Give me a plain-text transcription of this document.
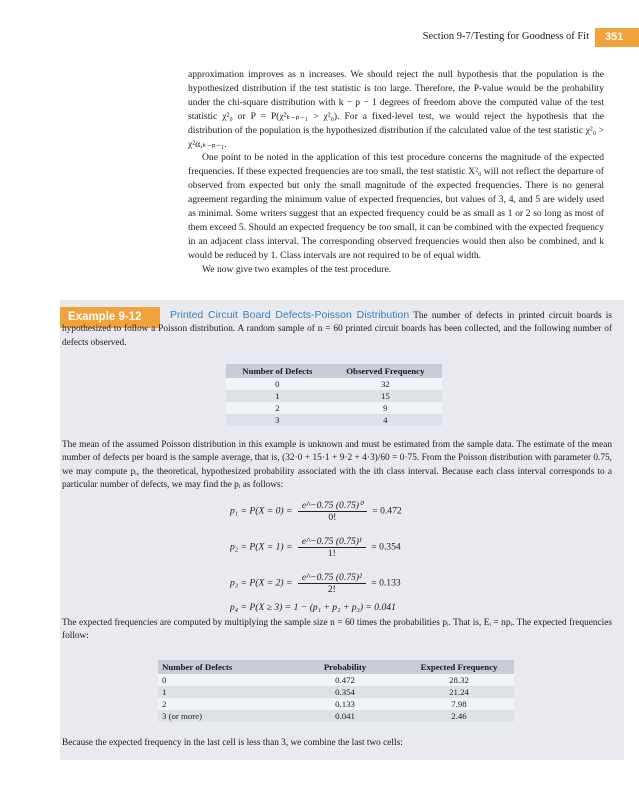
Section 9-7/Testing for Goodness of Fit	351

approximation improves as n increases. We should reject the null hypothesis that the population is the hypothesized distribution if the test statistic is too large. Therefore, the P-value would be the probability under the chi-square distribution with k − p − 1 degrees of freedom above the computed value of the test statistic χ²₀ or P = P(χ²ₖ₋ₚ₋₁ > χ²₀). For a fixed-level test, we would reject the hypothesis that the distribution of the population is the hypothesized distribution if the calculated value of the test statistic χ²₀ > χ²α,ₖ₋ₚ₋₁.

One point to be noted in the application of this test procedure concerns the magnitude of the expected frequencies. If these expected frequencies are too small, the test statistic X²₀ will not reflect the departure of observed from expected but only the small magnitude of the expected frequencies. There is no general agreement regarding the minimum value of expected frequencies, but values of 3, 4, and 5 are widely used as minimal. Some writers suggest that an expected frequency could be as small as 1 or 2 so long as most of them exceed 5. Should an expected frequency be too small, it can be combined with the expected frequency in an adjacent class interval. The corresponding observed frequencies would then also be combined, and k would be reduced by 1. Class intervals are not required to be of equal width.

We now give two examples of the test procedure.

Example 9-12	Printed Circuit Board Defects-Poisson Distribution The number of defects in printed circuit boards is hypothesized to follow a Poisson distribution. A random sample of n = 60 printed circuit boards has been collected, and the following number of defects observed.
Number of Defects	Observed Frequency
0	32
1	15
2	9
3	4
The mean of the assumed Poisson distribution in this example is unknown and must be estimated from the sample data. The estimate of the mean number of defects per board is the sample average, that is, (32·0 + 15·1 + 9·2 + 4·3)/60 = 0·75. From the Poisson distribution with parameter 0.75, we may compute pᵢ, the theoretical, hypothesized probability associated with the ith class interval. Because each class interval corresponds to a particular number of defects, we may find the pᵢ as follows:
$p_1 = P(X = 0) = \frac{\text{e\textasciicircum{}−0.75 (0.75)⁰}}{0!} = 0.472$
$p_2 = P(X = 1) = \frac{\text{e\textasciicircum{}−0.75 (0.75)¹}}{1!} = 0.354$
$p_3 = P(X = 2) = \frac{\text{e\textasciicircum{}−0.75 (0.75)²}}{2!} = 0.133$
p₄ = P(X ≥ 3) = 1 − (p₁ + p₂ + p₃) = 0.041
The expected frequencies are computed by multiplying the sample size n = 60 times the probabilities pᵢ. That is, Eᵢ = npᵢ. The expected frequencies follow:
Number of Defects	Probability	Expected Frequency
0	0.472	28.32
1	0.354	21.24
2	0.133	7.98
3 (or more)	0.041	2.46
Because the expected frequency in the last cell is less than 3, we combine the last two cells:
